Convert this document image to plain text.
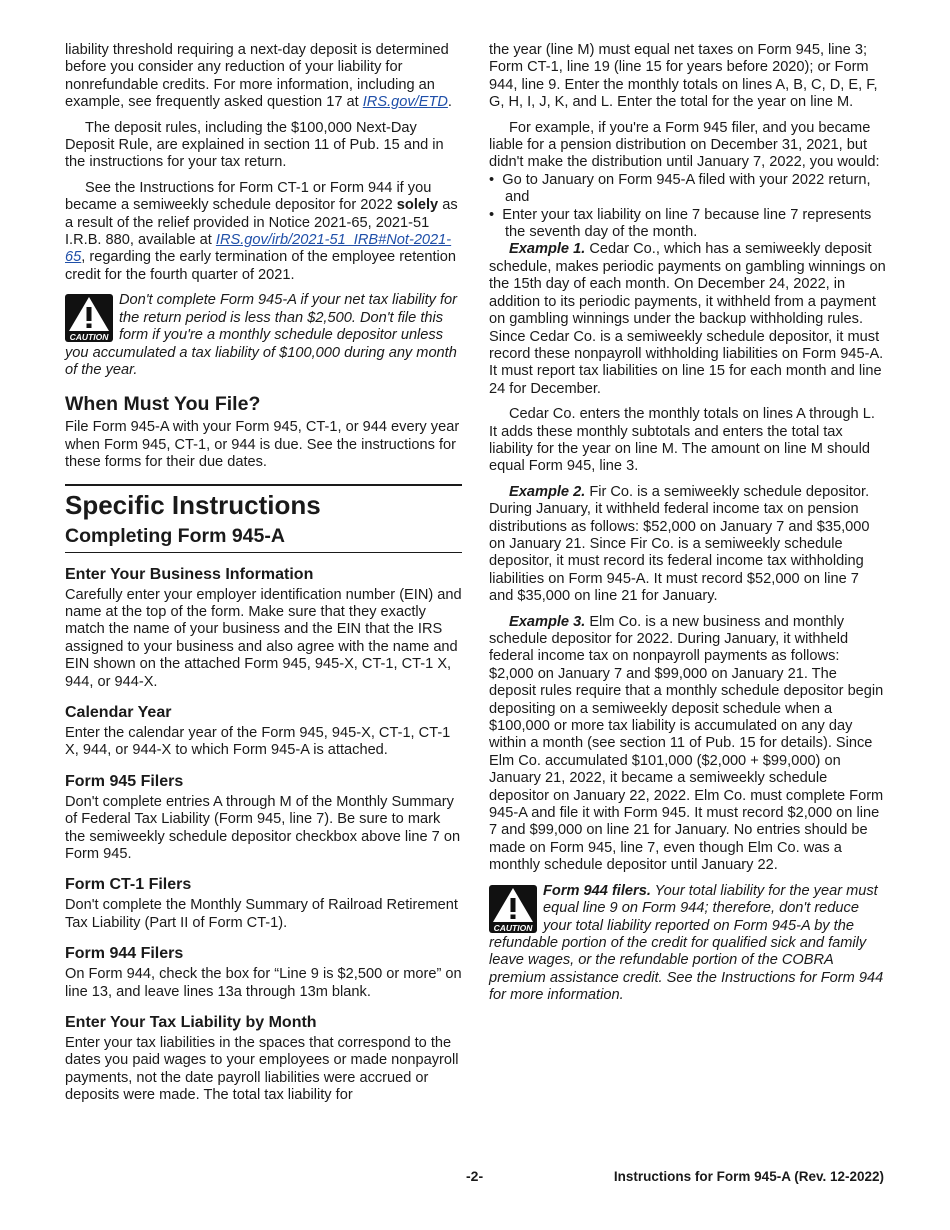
liability threshold requiring a next-day deposit is determined before you consider any reduction of your liability for nonrefundable credits. For more information, including an example, see frequently asked question 17 at IRS.gov/ETD.

The deposit rules, including the $100,000 Next-Day Deposit Rule, are explained in section 11 of Pub. 15 and in the instructions for your tax return.

See the Instructions for Form CT-1 or Form 944 if you became a semiweekly schedule depositor for 2022 solely as a result of the relief provided in Notice 2021-65, 2021-51 I.R.B. 880, available at IRS.gov/irb/2021-51_IRB#Not-2021-65, regarding the early termination of the employee retention credit for the fourth quarter of 2021.

CAUTION
Don't complete Form 945-A if your net tax liability for the return period is less than $2,500. Don't file this form if you're a monthly schedule depositor unless you accumulated a tax liability of $100,000 during any month of the year.
When Must You File?

File Form 945-A with your Form 945, CT-1, or 944 every year when Form 945, CT-1, or 944 is due. See the instructions for these forms for their due dates.

Specific Instructions
Completing Form 945-A
Enter Your Business Information

Carefully enter your employer identification number (EIN) and name at the top of the form. Make sure that they exactly match the name of your business and the EIN that the IRS assigned to your business and also agree with the name and EIN shown on the attached Form 945, 945-X, CT-1, CT-1 X, 944, or 944-X.

Calendar Year

Enter the calendar year of the Form 945, 945-X, CT-1, CT-1 X, 944, or 944-X to which Form 945-A is attached.

Form 945 Filers

Don't complete entries A through M of the Monthly Summary of Federal Tax Liability (Form 945, line 7). Be sure to mark the semiweekly schedule depositor checkbox above line 7 on Form 945.

Form CT-1 Filers

Don't complete the Monthly Summary of Railroad Retirement Tax Liability (Part II of Form CT-1).

Form 944 Filers

On Form 944, check the box for “Line 9 is $2,500 or more” on line 13, and leave lines 13a through 13m blank.

Enter Your Tax Liability by Month

Enter your tax liabilities in the spaces that correspond to the dates you paid wages to your employees or made nonpayroll payments, not the date payroll liabilities were accrued or deposits were made. The total tax liability for

the year (line M) must equal net taxes on Form 945, line 3; Form CT-1, line 19 (line 15 for years before 2020); or Form 944, line 9. Enter the monthly totals on lines A, B, C, D, E, F, G, H, I, J, K, and L. Enter the total for the year on line M.

For example, if you're a Form 945 filer, and you became liable for a pension distribution on December 31, 2021, but didn't make the distribution until January 7, 2022, you would:

•  Go to January on Form 945-A filed with your 2022 return, and

•  Enter your tax liability on line 7 because line 7 represents the seventh day of the month.

Example 1. Cedar Co., which has a semiweekly deposit schedule, makes periodic payments on gambling winnings on the 15th day of each month. On December 24, 2022, in addition to its periodic payments, it withheld from a payment on gambling winnings under the backup withholding rules. Since Cedar Co. is a semiweekly schedule depositor, it must record these nonpayroll withholding liabilities on Form 945-A. It must report tax liabilities on line 15 for each month and line 24 for December.

Cedar Co. enters the monthly totals on lines A through L. It adds these monthly subtotals and enters the total tax liability for the year on line M. The amount on line M should equal Form 945, line 3.

Example 2. Fir Co. is a semiweekly schedule depositor. During January, it withheld federal income tax on pension distributions as follows: $52,000 on January 7 and $35,000 on January 21. Since Fir Co. is a semiweekly schedule depositor, it must record its federal income tax withholding liabilities on Form 945-A. It must record $52,000 on line 7 and $35,000 on line 21 for January.

Example 3. Elm Co. is a new business and monthly schedule depositor for 2022. During January, it withheld federal income tax on nonpayroll payments as follows: $2,000 on January 7 and $99,000 on January 21. The deposit rules require that a monthly schedule depositor begin depositing on a semiweekly deposit schedule when a $100,000 or more tax liability is accumulated on any day within a month (see section 11 of Pub. 15 for details). Since Elm Co. accumulated $101,000 ($2,000 + $99,000) on January 21, 2022, it became a semiweekly schedule depositor on January 22, 2022. Elm Co. must complete Form 945-A and file it with Form 945. It must record $2,000 on line 7 and $99,000 on line 21 for January. No entries should be made on Form 945, line 7, even though Elm Co. was a monthly schedule depositor until January 22.

CAUTION
Form 944 filers. Your total liability for the year must equal line 9 on Form 944; therefore, don't reduce your total liability reported on Form 945-A by the refundable portion of the credit for qualified sick and family leave wages, or the refundable portion of the COBRA premium assistance credit. See the Instructions for Form 944 for more information.
-2-	Instructions for Form 945-A (Rev. 12-2022)
